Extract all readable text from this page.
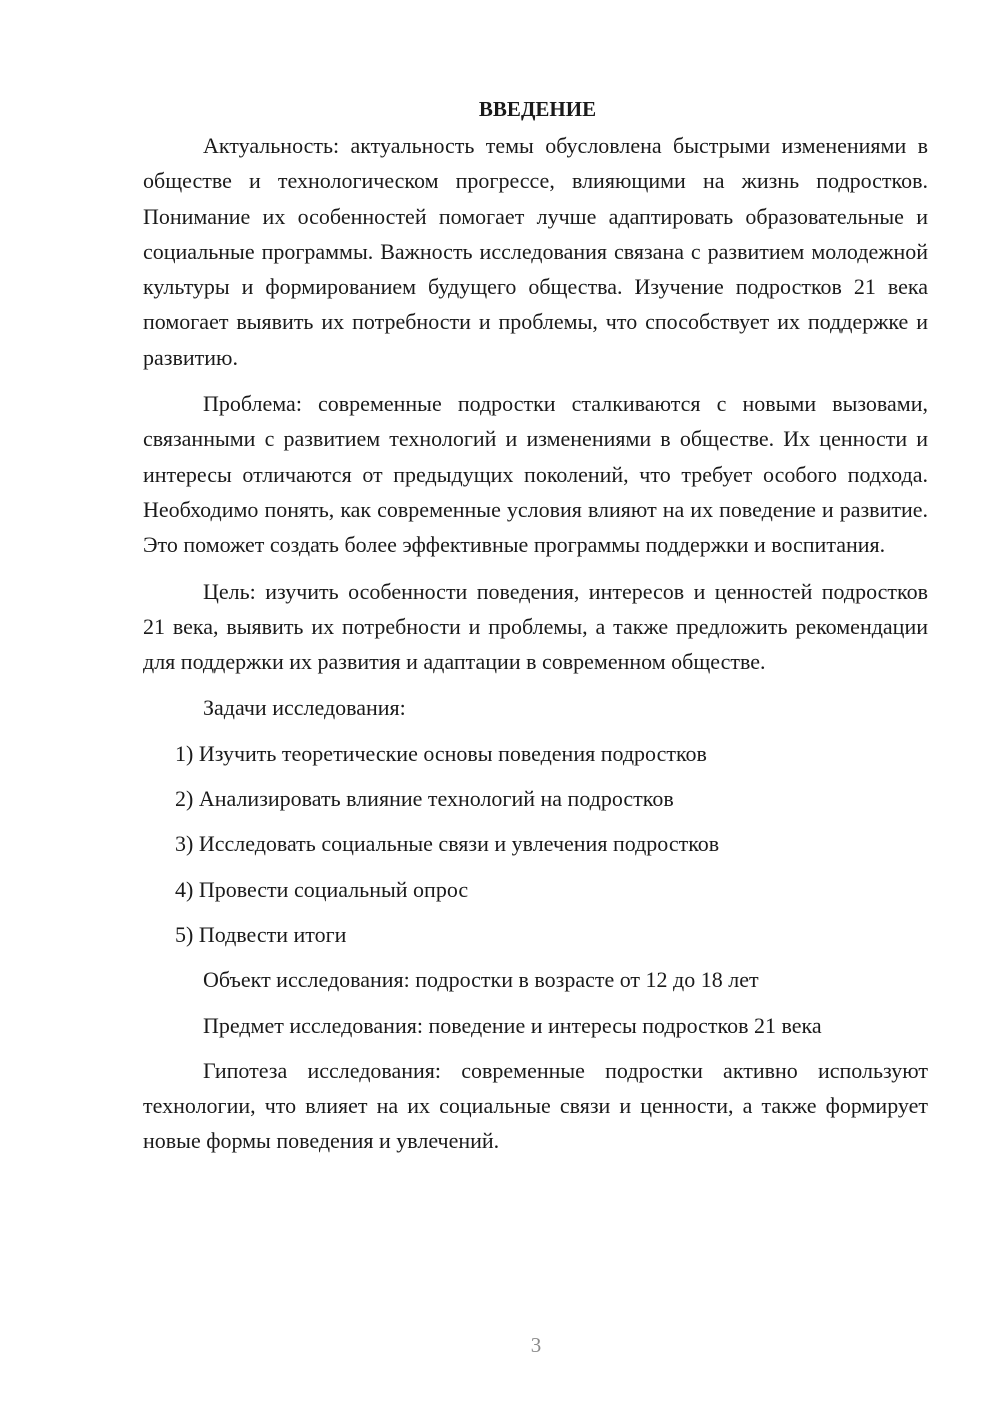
ВВЕДЕНИЕ

Актуальность: актуальность темы обусловлена быстрыми изменениями в обществе и технологическом прогрессе, влияющими на жизнь подростков. Понимание их особенностей помогает лучше адаптировать образовательные и социальные программы. Важность исследования связана с развитием молодежной культуры и формированием будущего общества. Изучение подростков 21 века помогает выявить их потребности и проблемы, что способствует их поддержке и развитию.

Проблема: современные подростки сталкиваются с новыми вызовами, связанными с развитием технологий и изменениями в обществе. Их ценности и интересы отличаются от предыдущих поколений, что требует особого подхода. Необходимо понять, как современные условия влияют на их поведение и развитие. Это поможет создать более эффективные программы поддержки и воспитания.

Цель: изучить особенности поведения, интересов и ценностей подростков 21 века, выявить их потребности и проблемы, а также предложить рекомендации для поддержки их развития и адаптации в современном обществе.

Задачи исследования:
1) Изучить теоретические основы поведения подростков
2) Анализировать влияние технологий на подростков
3) Исследовать социальные связи и увлечения подростков
4) Провести социальный опрос
5) Подвести итоги
Объект исследования: подростки в возрасте от 12 до 18 лет
Предмет исследования: поведение и интересы подростков 21 века

Гипотеза исследования: современные подростки активно используют технологии, что влияет на их социальные связи и ценности, а также формирует новые формы поведения и увлечений.

3
